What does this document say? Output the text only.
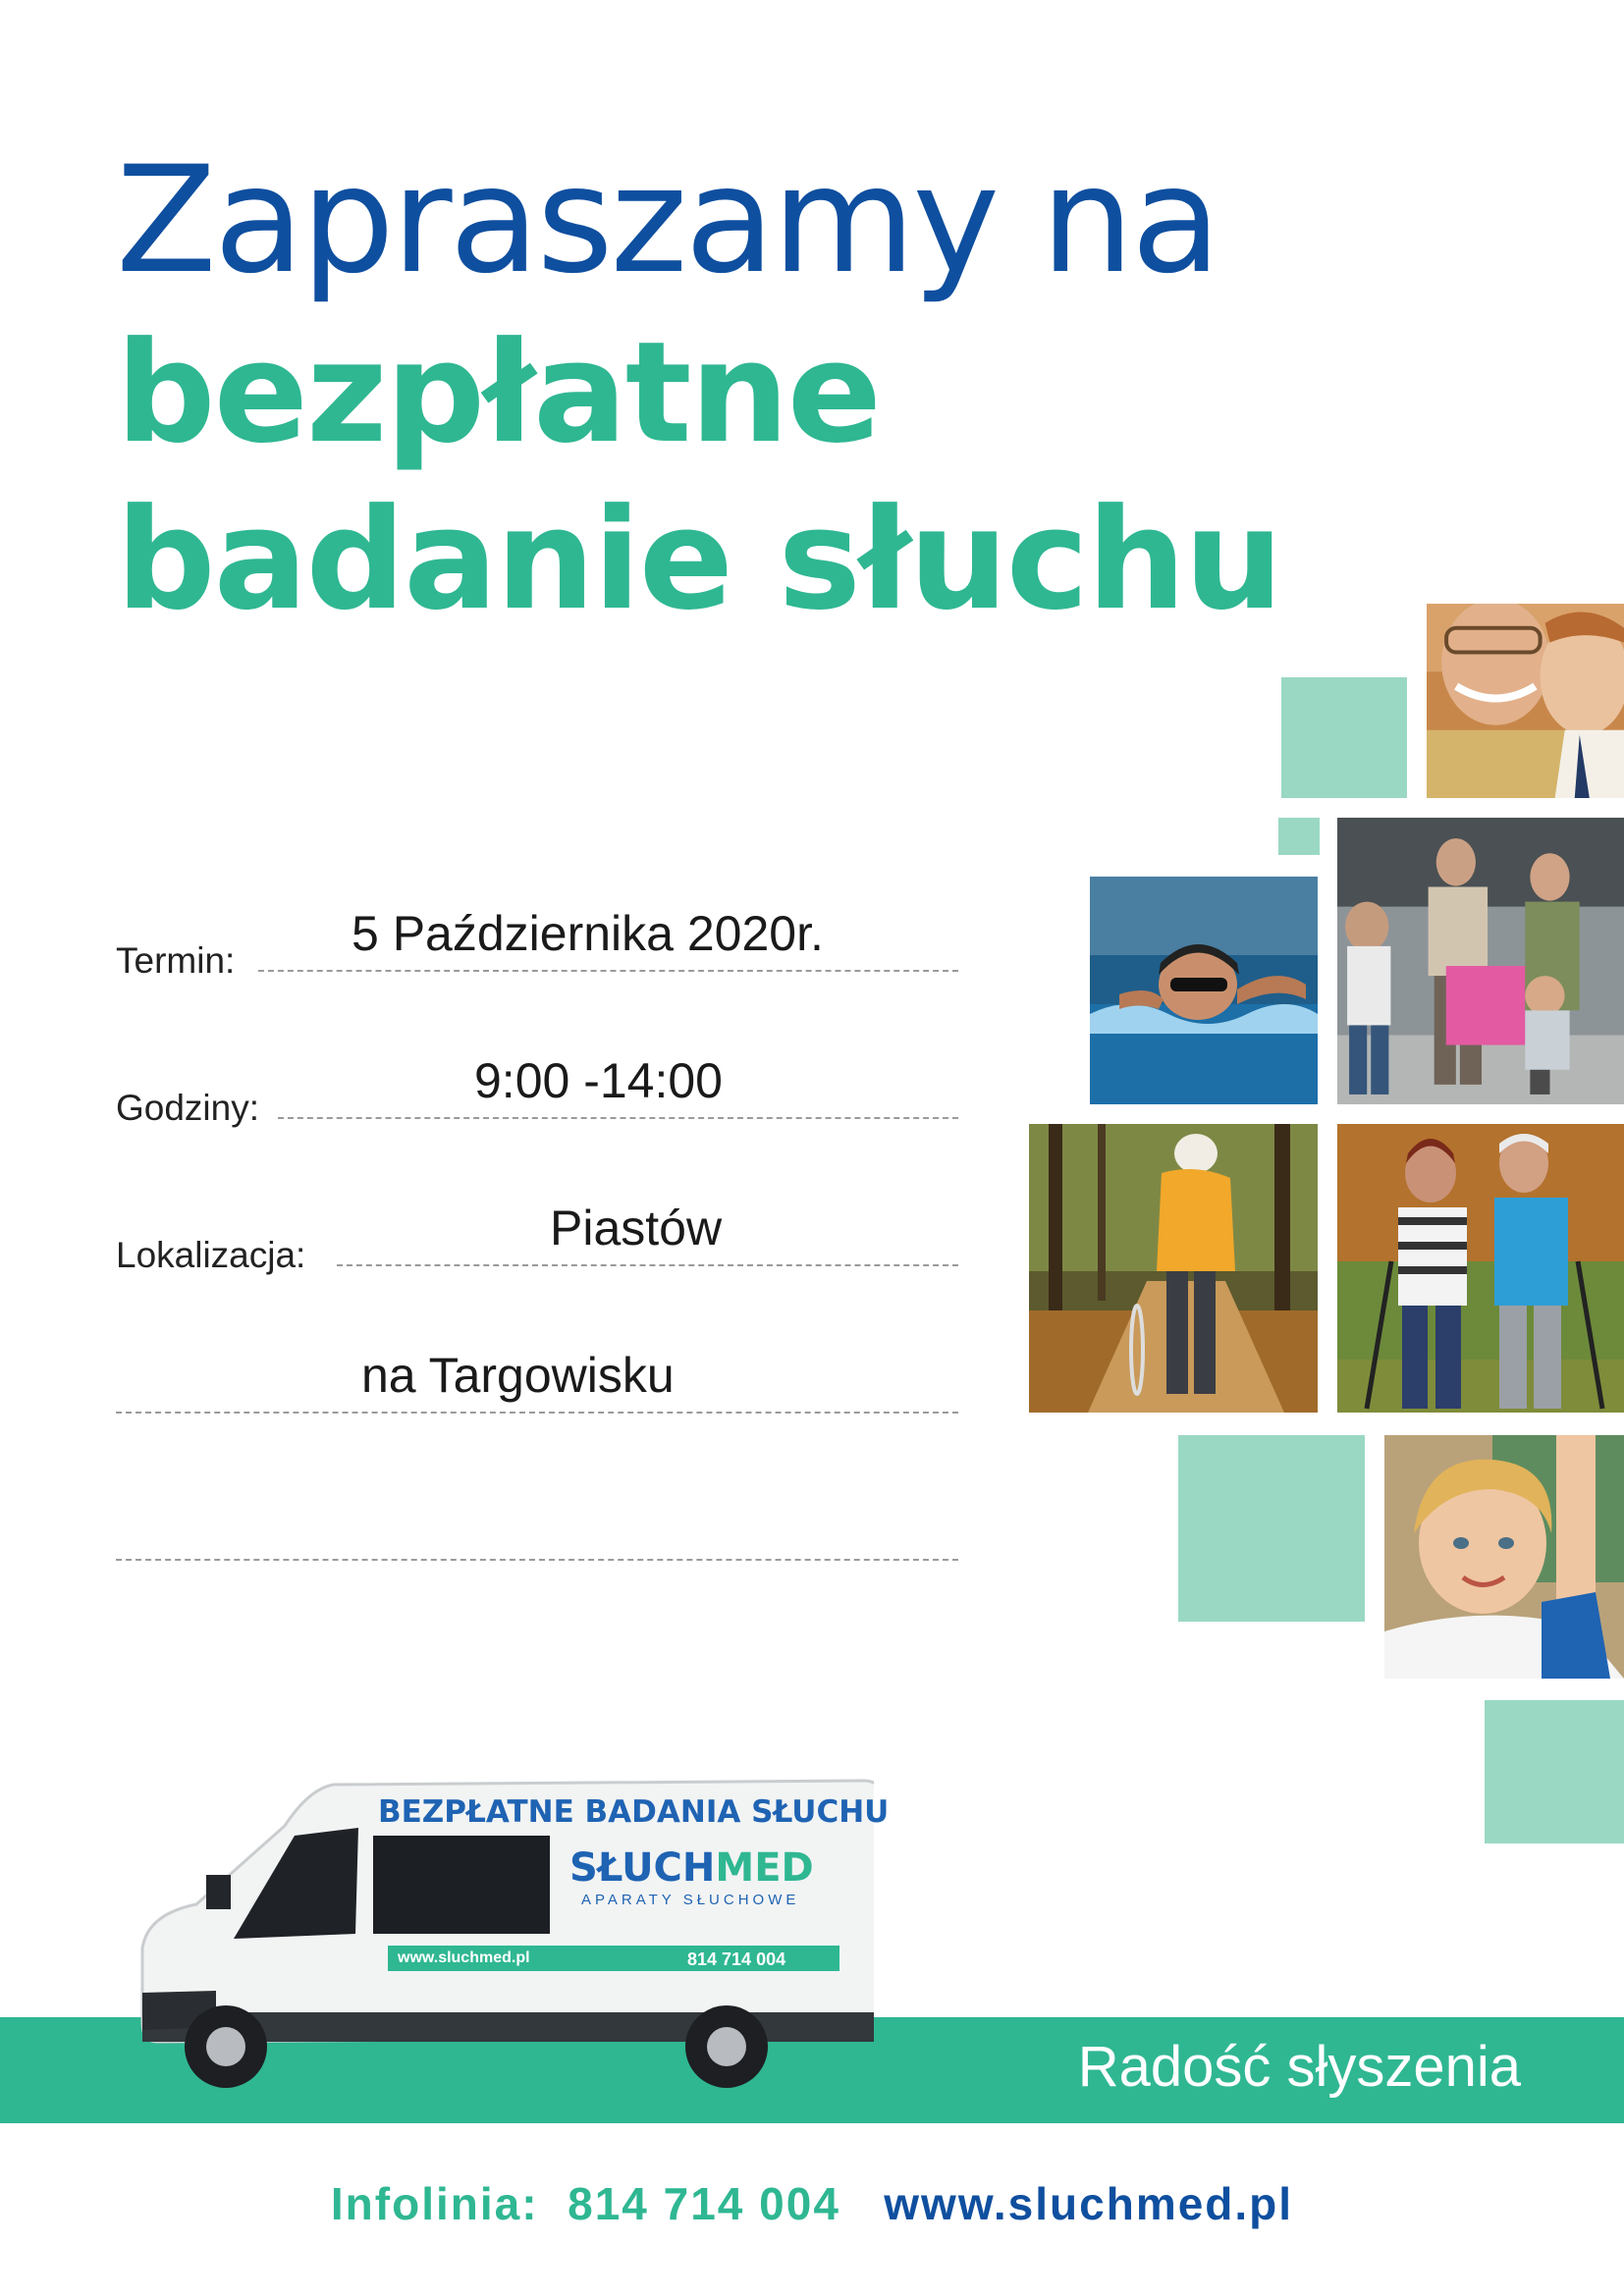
Zapraszamy na
bezpłatne
badanie słuchu
Termin: 5 Października 2020r.
Godziny:	9:00 -14:00
Lokalizacja:	Piastów
na Targowisku
Radość słyszenia
BEZPŁATNE BADANIA SŁUCHU
SŁUCHMED
APARATY SŁUCHOWE
www.sluchmed.pl	814 714 004
Infolinia: 814 714 004 www.sluchmed.pl
